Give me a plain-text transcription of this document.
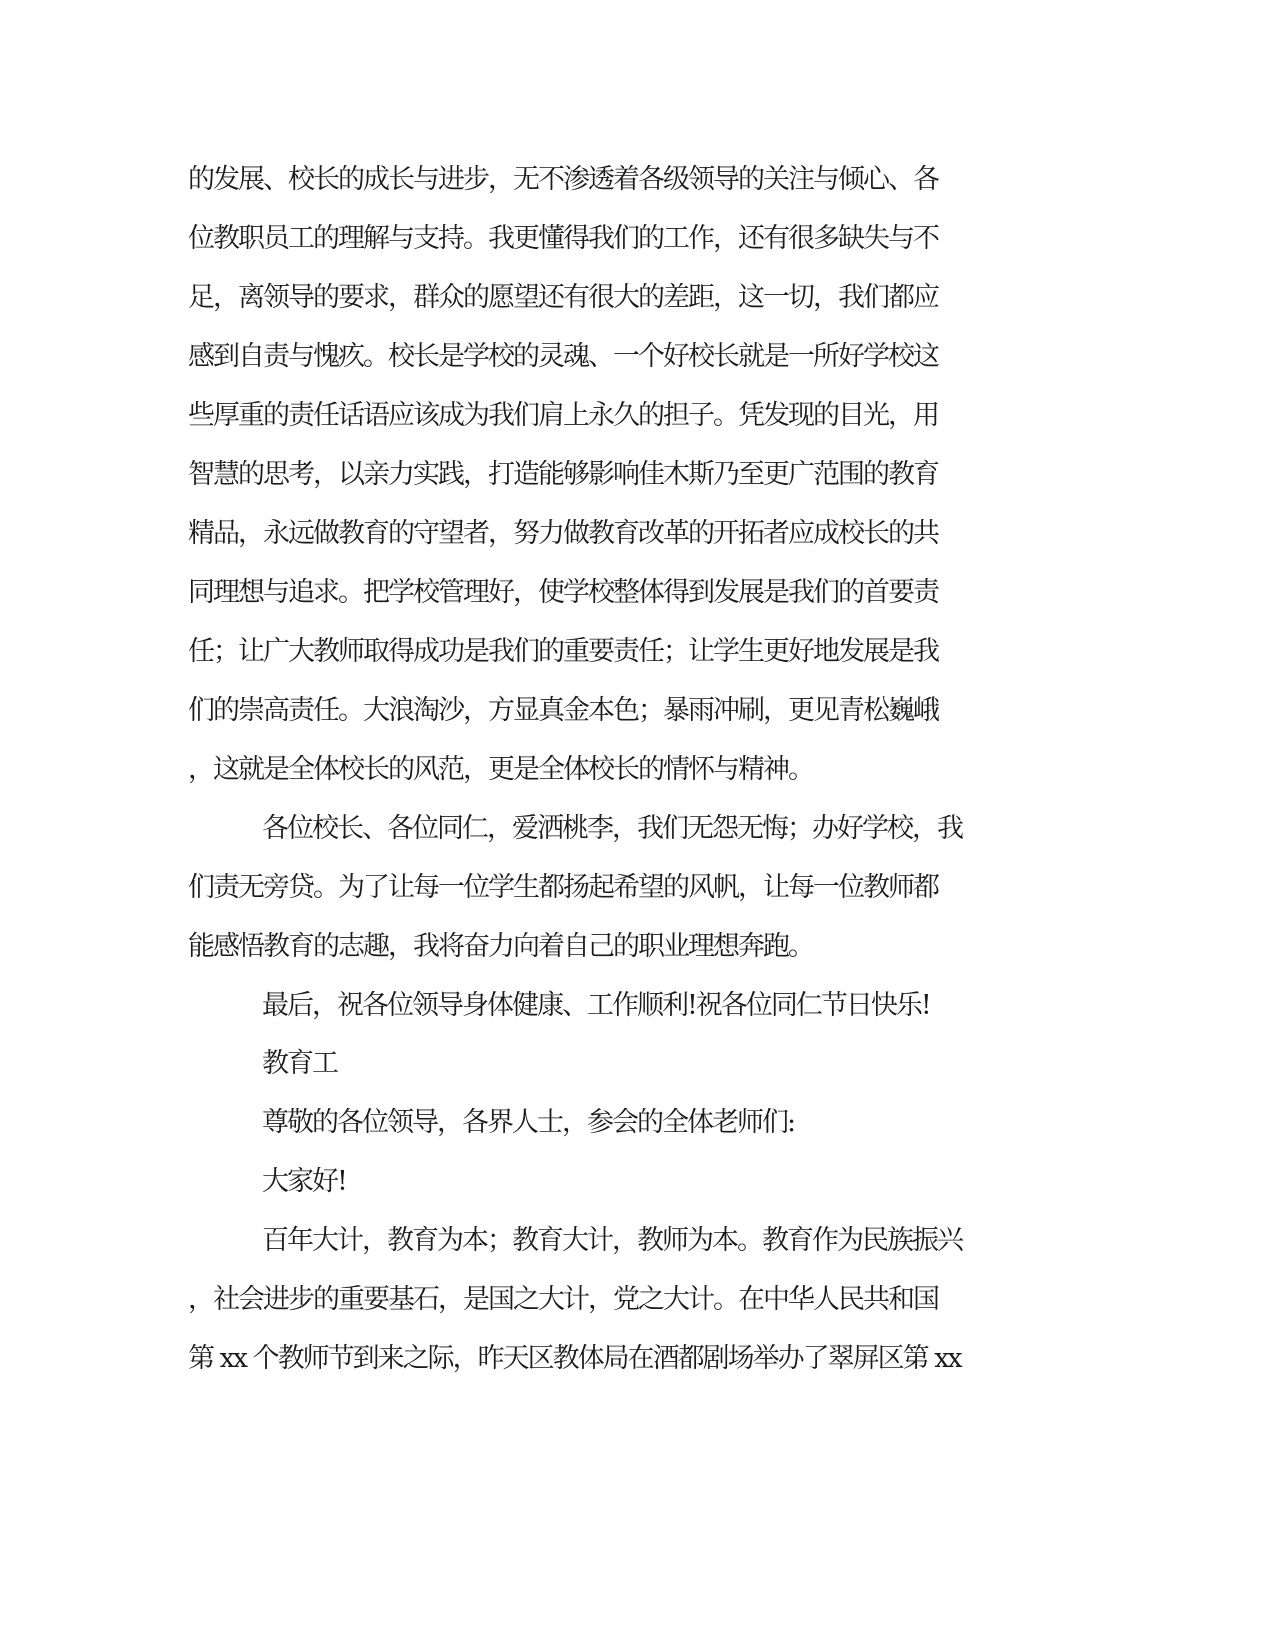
的发展、校长的成长与进步，无不渗透着各级领导的关注与倾心、各
位教职员工的理解与支持。我更懂得我们的工作，还有很多缺失与不
足，离领导的要求，群众的愿望还有很大的差距，这一切，我们都应
感到自责与愧疚。校长是学校的灵魂、一个好校长就是一所好学校这
些厚重的责任话语应该成为我们肩上永久的担子。凭发现的目光，用
智慧的思考，以亲力实践，打造能够影响佳木斯乃至更广范围的教育
精品，永远做教育的守望者，努力做教育改革的开拓者应成校长的共
同理想与追求。把学校管理好，使学校整体得到发展是我们的首要责
任；让广大教师取得成功是我们的重要责任；让学生更好地发展是我
们的崇高责任。大浪淘沙，方显真金本色；暴雨冲刷，更见青松巍峨
，这就是全体校长的风范，更是全体校长的情怀与精神。
各位校长、各位同仁，爱洒桃李，我们无怨无悔；办好学校，我
们责无旁贷。为了让每一位学生都扬起希望的风帆，让每一位教师都
能感悟教育的志趣，我将奋力向着自己的职业理想奔跑。
最后，祝各位领导身体健康、工作顺利!祝各位同仁节日快乐!
教育工
尊敬的各位领导，各界人士，参会的全体老师们:
大家好!
百年大计，教育为本；教育大计，教师为本。教育作为民族振兴
，社会进步的重要基石，是国之大计，党之大计。在中华人民共和国
第 xx 个教师节到来之际，昨天区教体局在酒都剧场举办了翠屏区第 xx
